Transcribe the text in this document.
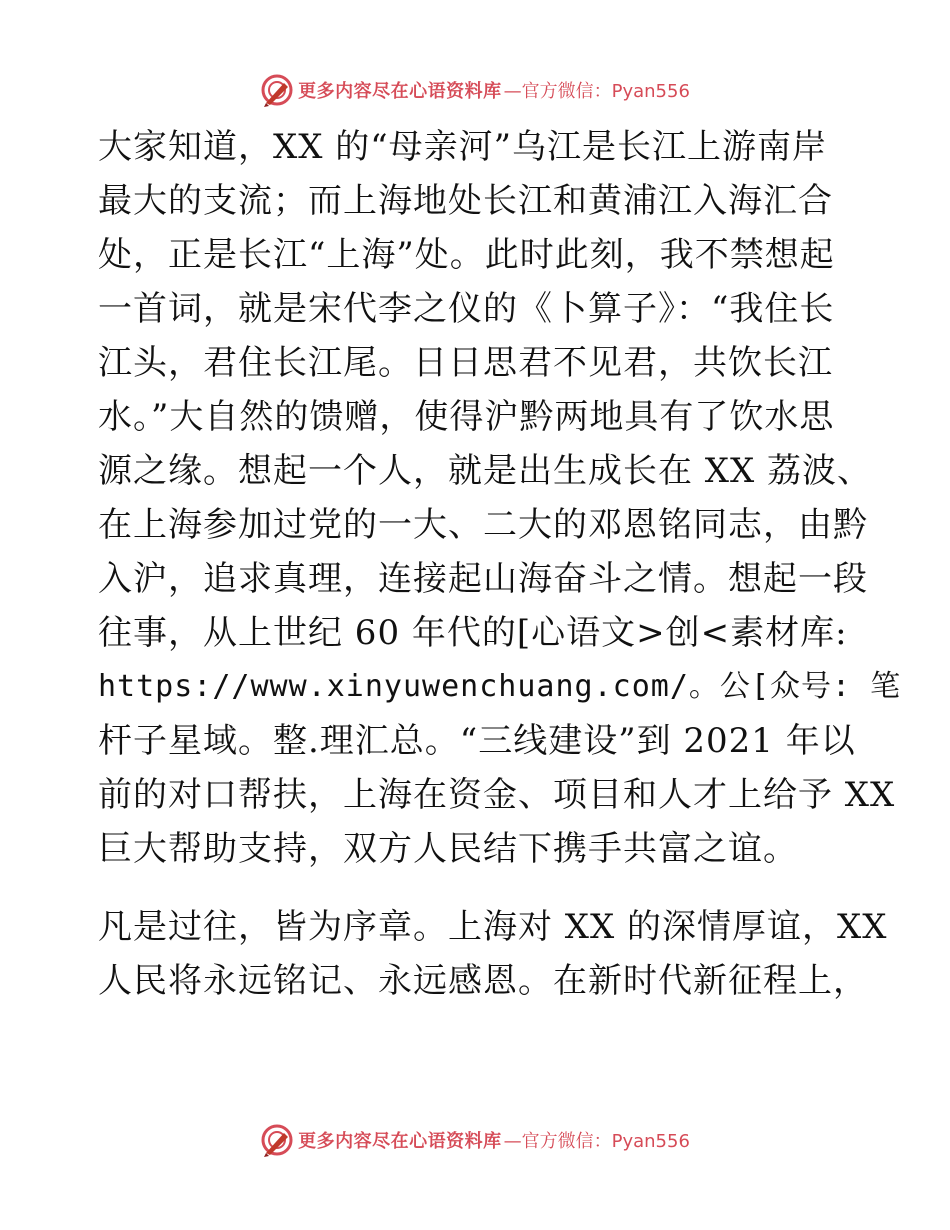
更多内容尽在心语资料库 —官方微信：Pyan556
大家知道，XX 的“母亲河”乌江是长江上游南岸
最大的支流；而上海地处长江和黄浦江入海汇合
处，正是长江“上海”处。此时此刻，我不禁想起
一首词，就是宋代李之仪的《卜算子》：“我住长
江头，君住长江尾。日日思君不见君，共饮长江
水。”大自然的馈赠，使得沪黔两地具有了饮水思
源之缘。想起一个人，就是出生成长在 XX 荔波、
在上海参加过党的一大、二大的邓恩铭同志，由黔
入沪，追求真理，连接起山海奋斗之情。想起一段
往事，从上世纪 60 年代的[心语文>创<素材库:
https://www.xinyuwenchuang.com/。公[众号: 笔
杆子星域。整.理汇总。“三线建设”到 2021 年以
前的对口帮扶，上海在资金、项目和人才上给予 XX
巨大帮助支持，双方人民结下携手共富之谊。
凡是过往，皆为序章。上海对 XX 的深情厚谊，XX
人民将永远铭记、永远感恩。在新时代新征程上，
更多内容尽在心语资料库 —官方微信：Pyan556
